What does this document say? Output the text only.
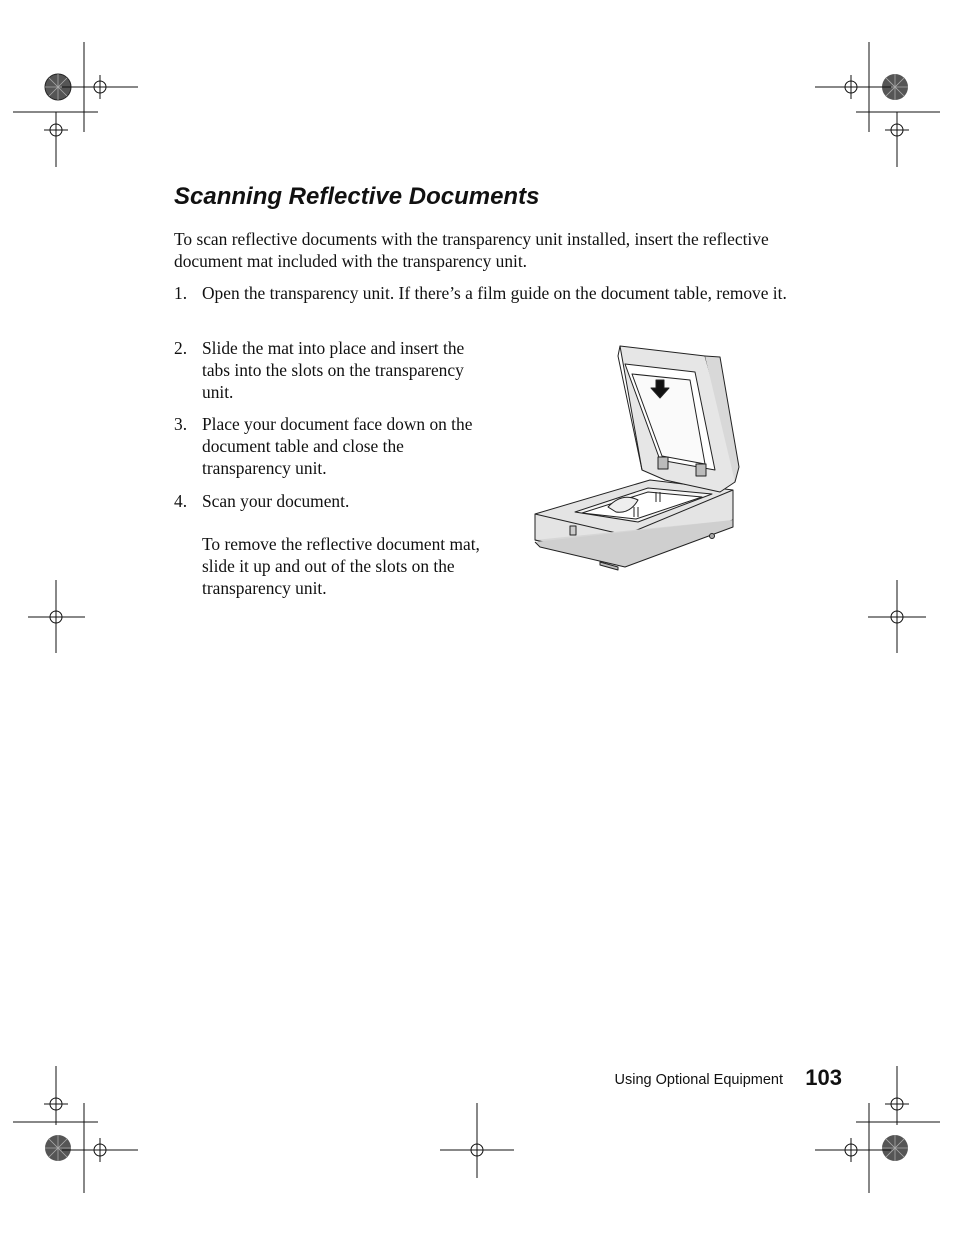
Scanning Reflective Documents

To scan reflective documents with the transparency unit installed, insert the reflective document mat included with the transparency unit.

1. Open the transparency unit. If there’s a film guide on the document table, remove it.
2. Slide the mat into place and insert the tabs into the slots on the transparency unit.
3. Place your document face down on the document table and close the transparency unit.
4. Scan your document.

To remove the reflective document mat, slide it up and out of the slots on the transparency unit.

Using Optional Equipment 103
